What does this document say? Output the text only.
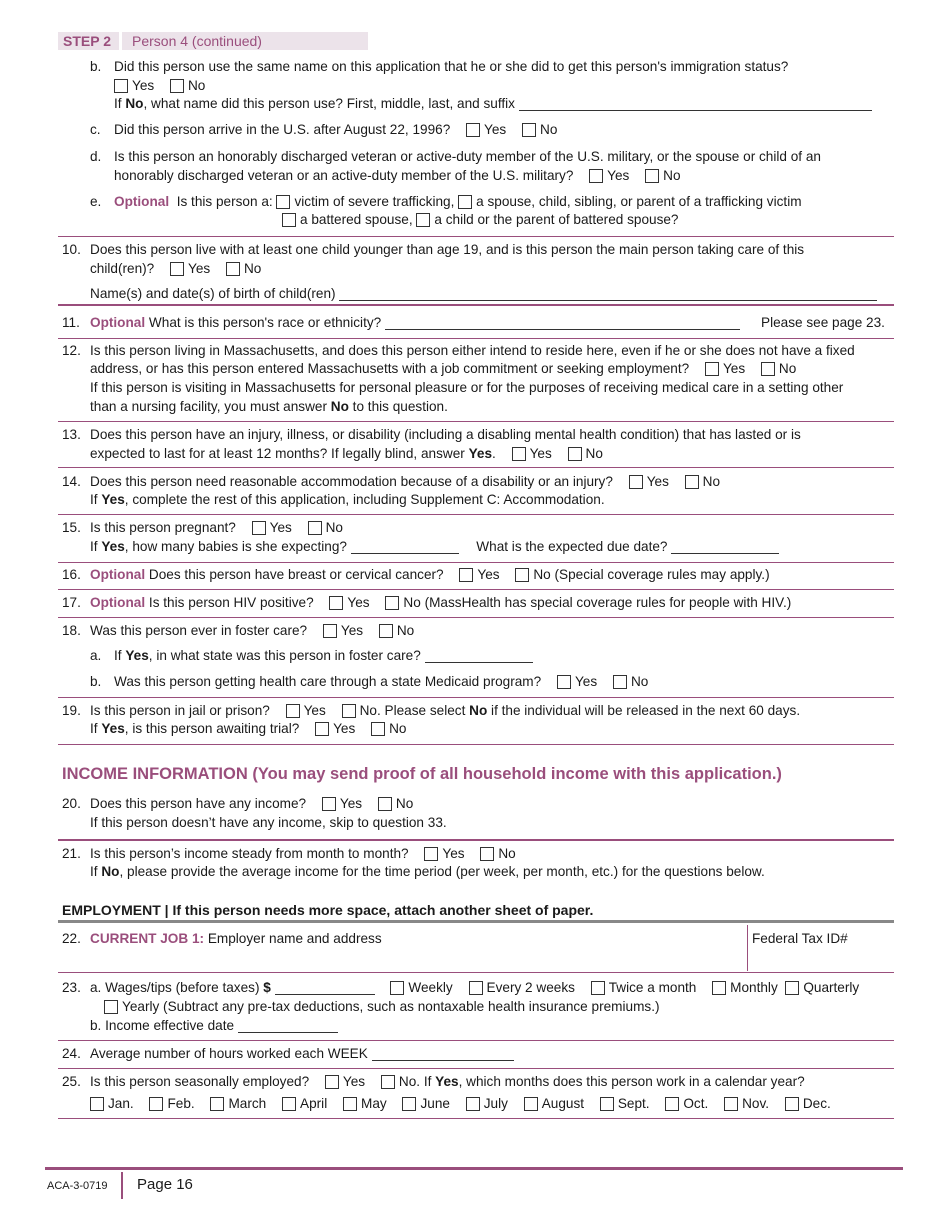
STEP 2 Person 4 (continued)
b. Did this person use the same name on this application that he or she did to get this person's immigration status?
Yes No
If No, what name did this person use? First, middle, last, and suffix
c. Did this person arrive in the U.S. after August 22, 1996? Yes No
d. Is this person an honorably discharged veteran or active-duty member of the U.S. military, or the spouse or child of an
honorably discharged veteran or an active-duty member of the U.S. military? Yes No
e. Optional Is this person a: victim of severe trafficking, a spouse, child, sibling, or parent of a trafficking victim
a battered spouse, a child or the parent of battered spouse?
10. Does this person live with at least one child younger than age 19, and is this person the main person taking care of this
child(ren)? Yes No
Name(s) and date(s) of birth of child(ren)
11. Optional What is this person's race or ethnicity?	Please see page 23.
12. Is this person living in Massachusetts, and does this person either intend to reside here, even if he or she does not have a fixed
address, or has this person entered Massachusetts with a job commitment or seeking employment? Yes No
If this person is visiting in Massachusetts for personal pleasure or for the purposes of receiving medical care in a setting other
than a nursing facility, you must answer No to this question.
13. Does this person have an injury, illness, or disability (including a disabling mental health condition) that has lasted or is
expected to last for at least 12 months? If legally blind, answer Yes. Yes No
14. Does this person need reasonable accommodation because of a disability or an injury? Yes No
If Yes, complete the rest of this application, including Supplement C: Accommodation.
15. Is this person pregnant? Yes No
If Yes, how many babies is she expecting?	What is the expected due date?
16. Optional Does this person have breast or cervical cancer? Yes No (Special coverage rules may apply.)
17. Optional Is this person HIV positive? Yes No (MassHealth has special coverage rules for people with HIV.)
18. Was this person ever in foster care? Yes No
a. If Yes, in what state was this person in foster care?
b. Was this person getting health care through a state Medicaid program? Yes No
19. Is this person in jail or prison? Yes No. Please select No if the individual will be released in the next 60 days.
If Yes, is this person awaiting trial? Yes No
INCOME INFORMATION (You may send proof of all household income with this application.)
20. Does this person have any income? Yes No
If this person doesn’t have any income, skip to question 33.
21. Is this person’s income steady from month to month? Yes No
If No, please provide the average income for the time period (per week, per month, etc.) for the questions below.
EMPLOYMENT | If this person needs more space, attach another sheet of paper.
22. CURRENT JOB 1: Employer name and address	Federal Tax ID#
23. a. Wages/tips (before taxes) $	Weekly Every 2 weeks Twice a month Monthly Quarterly
Yearly (Subtract any pre-tax deductions, such as nontaxable health insurance premiums.)
b. Income effective date
24. Average number of hours worked each WEEK
25. Is this person seasonally employed? Yes No. If Yes, which months does this person work in a calendar year?
Jan. Feb. March April May June July August Sept. Oct. Nov. Dec.
ACA-3-0719 Page 16
